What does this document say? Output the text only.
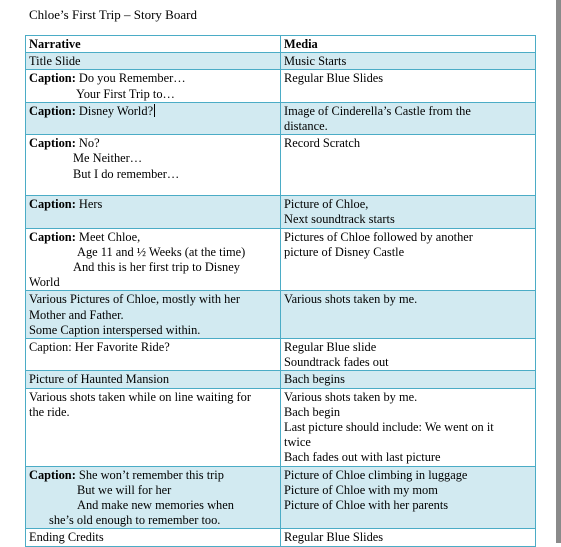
Chloe’s First Trip – Story Board
Narrative	Media

Title Slide	Music Starts

Caption: Do you Remember…
Your First Trip to…	Regular Blue Slides

Caption: Disney World?	Image of Cinderella’s Castle from the
distance.

Caption: No?
Me Neither…
But I do remember…	Record Scratch

Caption: Hers	Picture of Chloe,
Next soundtrack starts

Caption: Meet Chloe,
Age 11 and ½ Weeks (at the time)
And this is her first trip to Disney
World	Pictures of Chloe followed by another
picture of Disney Castle

Various Pictures of Chloe, mostly with her
Mother and Father.
Some Caption interspersed within.	Various shots taken by me.

Caption: Her Favorite Ride?	Regular Blue slide
Soundtrack fades out

Picture of Haunted Mansion	Bach begins

Various shots taken while on line waiting for
the ride.	Various shots taken by me.
Bach begin
Last picture should include: We went on it
twice
Bach fades out with last picture

Caption: She won’t remember this trip
But we will for her
And make new memories when
she’s old enough to remember too.	Picture of Chloe climbing in luggage
Picture of Chloe with my mom
Picture of Chloe with her parents

Ending Credits	Regular Blue Slides
